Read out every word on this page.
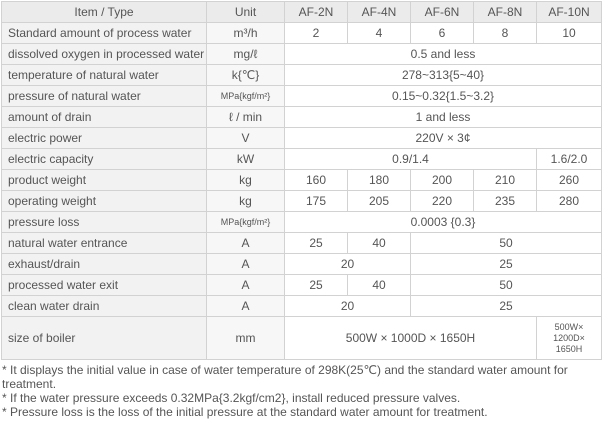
Item / Type	Unit	AF-2N	AF-4N	AF-6N	AF-8N	AF-10N
Standard amount of process water	m³/h	2	4	6	8	10
dissolved oxygen in processed water	mg/ℓ	0.5 and less				
temperature of natural water	k{℃}	278~313{5~40}				
pressure of natural water	MPa{kgf/m²}	0.15~0.32{1.5~3.2}				
amount of drain	ℓ / min	1 and less				
electric power	V	220V × 3¢				
electric capacity	kW	0.9/1.4				1.6/2.0
product weight	kg	160	180	200	210	260
operating weight	kg	175	205	220	235	280
pressure loss	MPa{kgf/m²}	0.0003 {0.3}				
natural water entrance	A	25	40	50		
exhaust/drain	A	20		25		
processed water exit	A	25	40	50		
clean water drain	A	20		25		
size of boiler	mm	500W × 1000D × 1650H				500W×
1200D×
1650H

* It displays the initial value in case of water temperature of 298K(25℃) and the standard water amount for

treatment.

* If the water pressure exceeds 0.32MPa{3.2kgf/cm2}, install reduced pressure valves.

* Pressure loss is the loss of the initial pressure at the standard water amount for treatment.
